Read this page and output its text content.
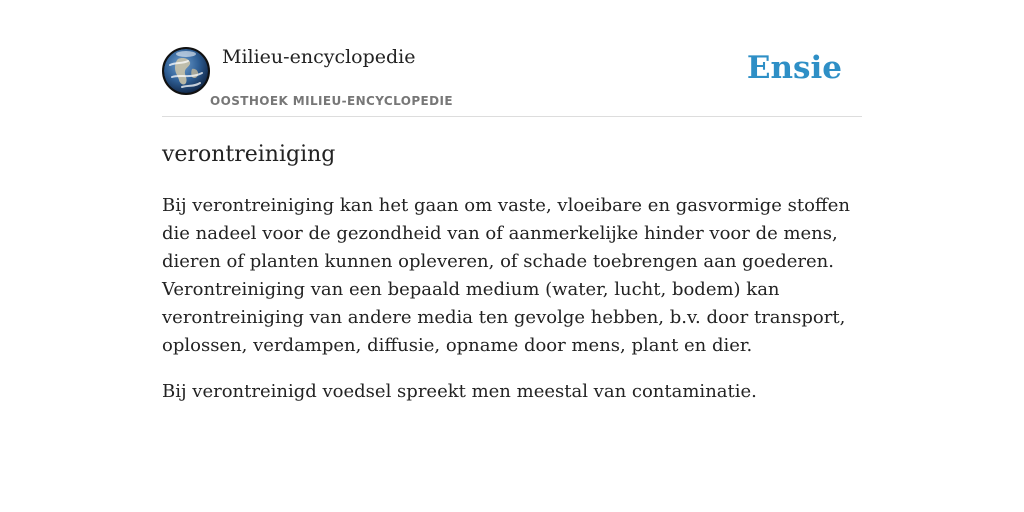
Milieu-encyclopedie
OOSTHOEK MILIEU-ENCYCLOPEDIE
Ensie
verontreiniging

Bij verontreiniging kan het gaan om vaste, vloeibare en gasvormige stoffen die nadeel voor de gezondheid van of aanmerkelijke hinder voor de mens, dieren of planten kunnen opleveren, of schade toebrengen aan goederen. Verontreiniging van een bepaald medium (water, lucht, bodem) kan verontreiniging van andere media ten gevolge hebben, b.v. door transport, oplossen, verdampen, diffusie, opname door mens, plant en dier.

Bij verontreinigd voedsel spreekt men meestal van contaminatie.
